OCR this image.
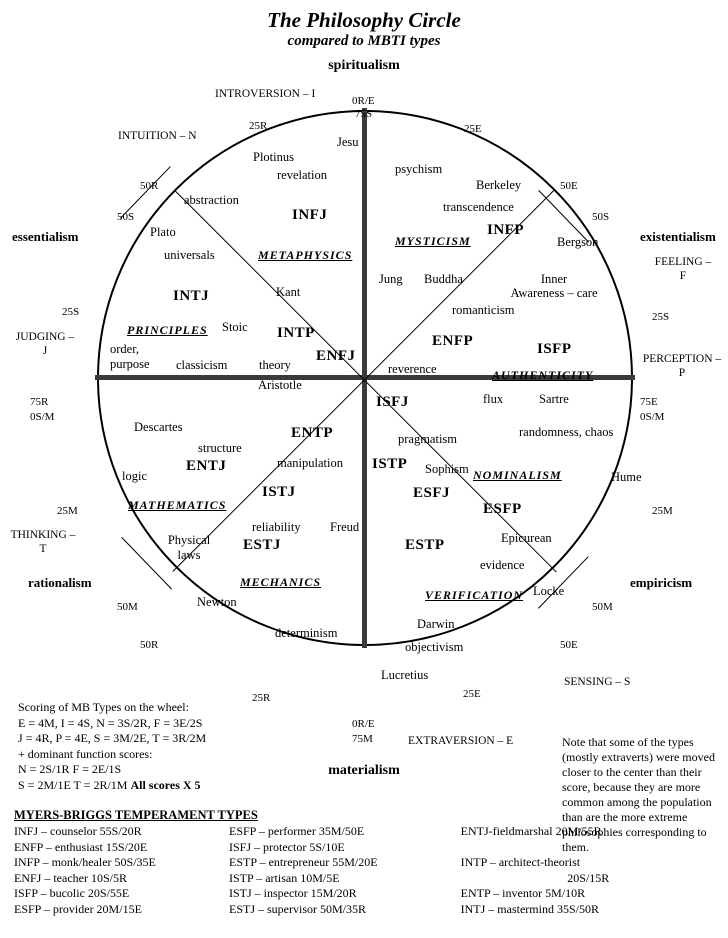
The Philosophy Circle
compared to MBTI types
spiritualism
materialism
INTROVERSION – I
EXTRAVERSION – E
INTUITION – N
SENSING – S
THINKING –
T
FEELING –
F
JUDGING –
J
PERCEPTION –
P
essentialism	existentialism
rationalism	empiricism
0R/E
75S
25R	25E
50R	50E
50S	50S
25S	25S
75R
0S/M
75E
0S/M
25M	25M
50M	50M
50R	50E
25R	25E
0R/E
75M
INFJ
INFP
INTJ
INTP
ENFJ
ENFP	ISFP
ISFJ
ENTP
ENTJ	ISTP
ISTJ	ESFJ
ESFP
ESTJ	ESTP
METAPHYSICS
MYSTICISM
PRINCIPLES
AUTHENTICITY
MATHEMATICS
NOMINALISM
MECHANICS
VERIFICATION
Plotinus
Jesu
revelation	psychism
Berkeley
transcendence
abstraction
Plato
universals
Bergson
Kant
Jung Buddha	Inner
Awareness – care
romanticism
Stoic
classicism	theory
Aristotle
reverence
flux	Sartre
order,
purpose
Descartes
structure
manipulation
pragmatism	randomness, chaos
logic	Sophism
Hume
Physical
laws
reliability Freud
Epicurean
evidence
Newton
Locke
determinism
Darwin
objectivism
Lucretius
Scoring of MB Types on the wheel:
E = 4M, I = 4S, N = 3S/2R, F = 3E/2S
J = 4R, P = 4E, S = 3M/2E, T = 3R/2M
+ dominant function scores:
N = 2S/1R F = 2E/1S
S = 2M/1E T = 2R/1M All scores X 5
Note that some of the types (mostly extraverts) were moved closer to the center than their score, because they are more common among the population than are the more extreme philosophies corresponding to them.
MYERS-BRIGGS TEMPERAMENT TYPES
INFJ – counselor 55S/20R	ESFP – performer 35M/50E	ENTJ-fieldmarshal 20M/55R
ENFP – enthusiast 15S/20E	ISFJ – protector 5S/10E	
INFP – monk/healer 50S/35E	ESTP – entrepreneur 55M/20E	INTP – architect-theorist
ENFJ – teacher 10S/5R	ISTP – artisan 10M/5E	20S/15R
ISFP – bucolic 20S/55E	ISTJ – inspector 15M/20R	ENTP – inventor 5M/10R
ESFP – provider 20M/15E	ESTJ – supervisor 50M/35R	INTJ – mastermind 35S/50R
